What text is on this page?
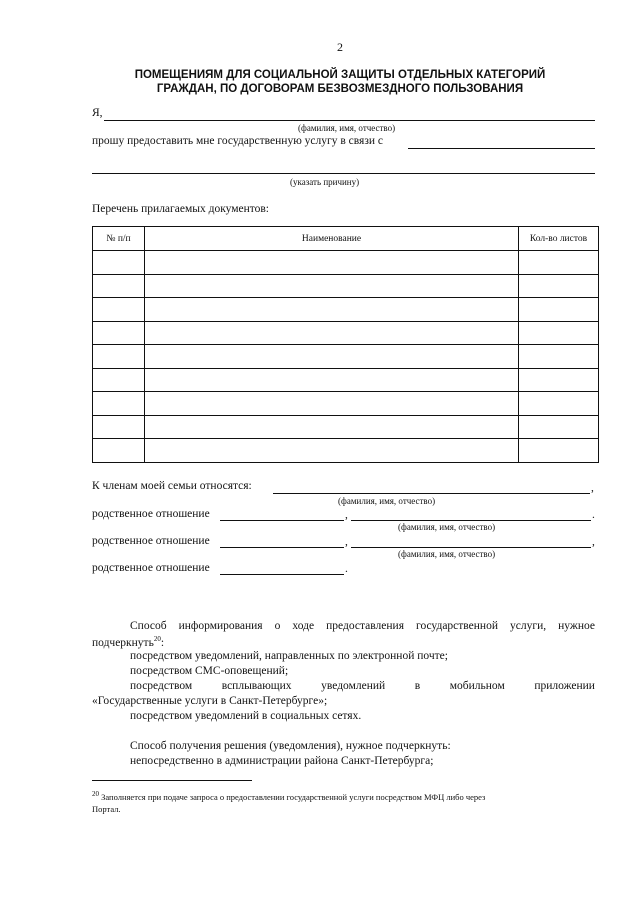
2
ПОМЕЩЕНИЯМ ДЛЯ СОЦИАЛЬНОЙ ЗАЩИТЫ ОТДЕЛЬНЫХ КАТЕГОРИЙ
ГРАЖДАН, ПО ДОГОВОРАМ БЕЗВОЗМЕЗДНОГО ПОЛЬЗОВАНИЯ
Я,
(фамилия, имя, отчество)
прошу предоставить мне государственную услугу в связи с
(указать причину)
Перечень прилагаемых документов:
№ п/п	Наименование	Кол-во листов

К членам моей семьи относятся:	,
(фамилия, имя, отчество)
родственное отношение	,	.
(фамилия, имя, отчество)
родственное отношение	,	,
(фамилия, имя, отчество)
родственное отношение	.
Способ информирования о ходе предоставления государственной услуги, нужное
подчеркнуть$^{20}$:
посредством уведомлений, направленных по электронной почте;
посредством СМС-оповещений;
посредством	всплывающих	уведомлений	в	мобильном	приложении
«Государственные услуги в Санкт-Петербурге»;
посредством уведомлений в социальных сетях.
Способ получения решения (уведомления), нужное подчеркнуть:
непосредственно в администрации района Санкт-Петербурга;
$^{20}$ Заполняется при подаче запроса о предоставлении государственной услуги посредством МФЦ либо через
Портал.
